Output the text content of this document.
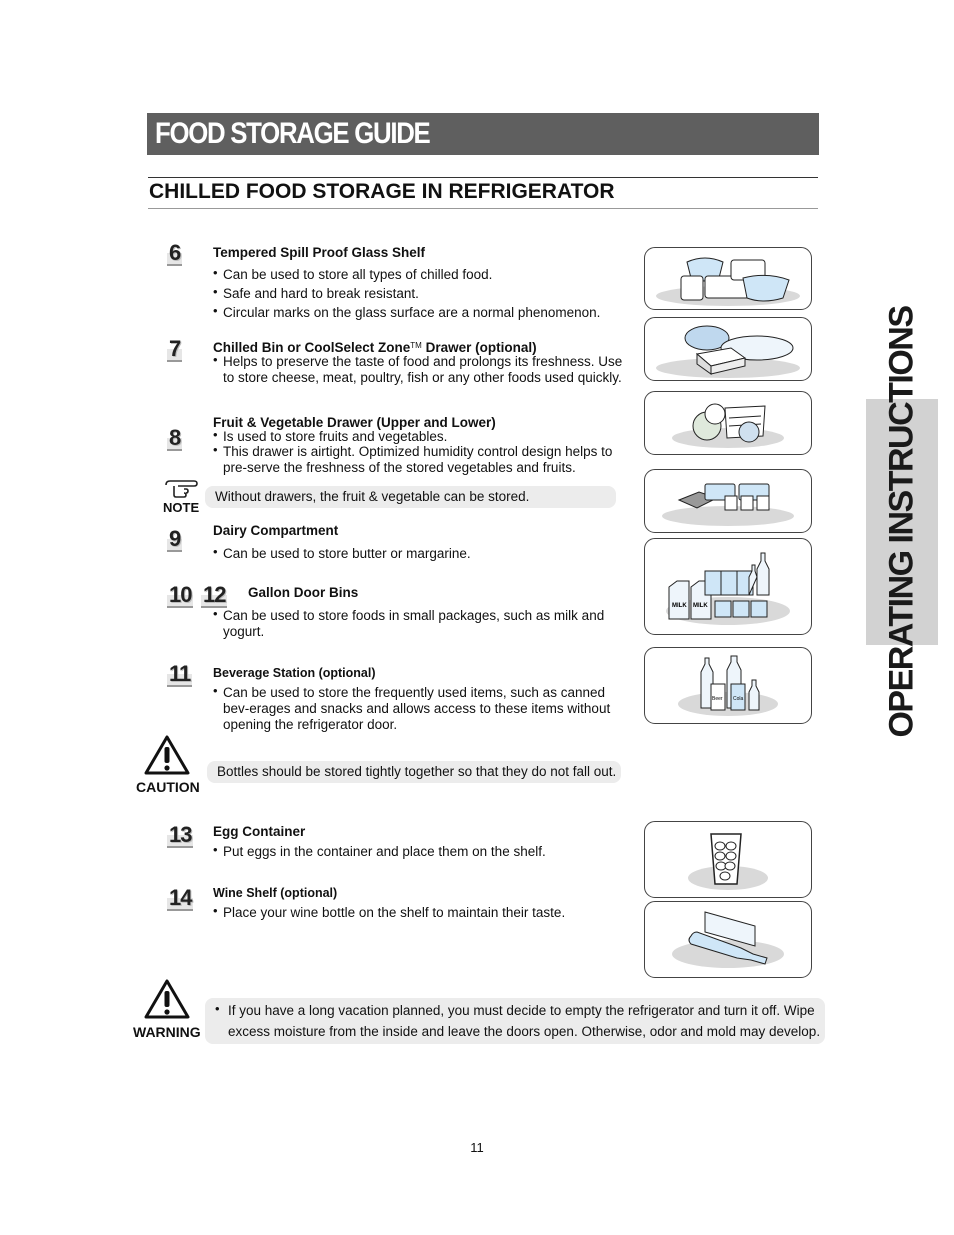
FOOD STORAGE GUIDE
CHILLED FOOD STORAGE IN REFRIGERATOR
OPERATING INSTRUCTIONS
6 Tempered Spill Proof Glass Shelf
• Can be used to store all types of chilled food.
• Safe and hard to break resistant.
• Circular marks on the glass surface are a normal phenomenon.
7 Chilled Bin or CoolSelect Zone™ Drawer (optional)
• Helps to preserve the taste of food and prolongs its freshness. Use to store cheese, meat, poultry, fish or any other foods used quickly.
8
Fruit & Vegetable Drawer (Upper and Lower)
• Is used to store fruits and vegetables.
• This drawer is airtight. Optimized humidity control design helps to pre-serve the freshness of the stored vegetables and fruits.
NOTE
Without drawers, the fruit & vegetable can be stored.
9 Dairy Compartment
• Can be used to store butter or margarine.
10 12 Gallon Door Bins
• Can be used to store foods in small packages, such as milk and yogurt.
11 Beverage Station (optional)
• Can be used to store the frequently used items, such as canned bev-erages and snacks and allows access to these items without opening the refrigerator door.
CAUTION
Bottles should be stored tightly together so that they do not fall out.
13 Egg Container
• Put eggs in the container and place them on the shelf.
14 Wine Shelf (optional)
• Place your wine bottle on the shelf to maintain their taste.
WARNING
• If you have a long vacation planned, you must decide to empty the refrigerator and turn it off. Wipe excess moisture from the inside and leave the doors open. Otherwise, odor and mold may develop.
MILK MILK
Beer Cola
11
